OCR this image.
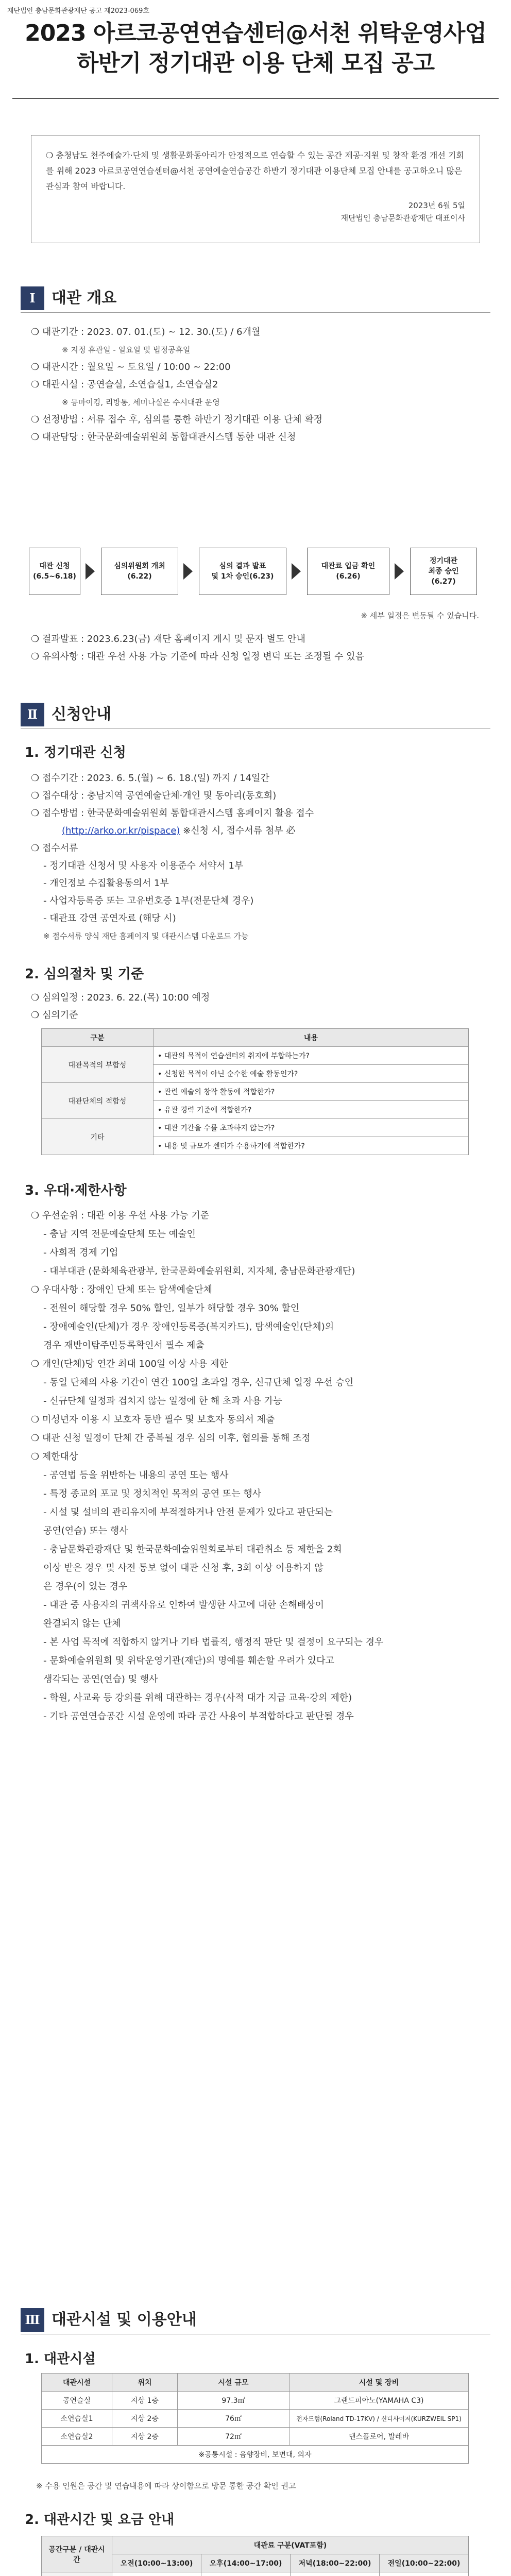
재단법인 충남문화관광재단 공고 제2023-069호
2023 아르코공연연습센터@서천 위탁운영사업
하반기 정기대관 이용 단체 모집 공고
❍ 충청남도 천주에술가·단체 및 생활문화동아리가 안정적으로 연습할 수 있는 공간 제공·지원 및 창작 환경 개선 기회를 위해 2023 아르코공연연습센터@서천 공연예술연습공간 하반기 정기대관 이용단체 모집 안내를 공고하오니 많은 관심과 참여 바랍니다.
2023년 6월 5일
재단법인 충남문화관광재단 대표이사
Ⅰ	대관 개요

❍ 대관기간 : 2023. 07. 01.(토) ~ 12. 30.(토) / 6개월

※ 지정 휴관일 - 일요일 및 법정공휴일

❍ 대관시간 : 월요일 ~ 토요일 / 10:00 ~ 22:00

❍ 대관시설 : 공연슬실, 소연습실1, 소연습실2

※ 등마이킹, 리방통, 세미나실은 수시대관 운영

❍ 선정방법 : 서류 접수 후, 심의를 통한 하반기 정기대관 이용 단체 확정

❍ 대관담당 : 한국문화예술위원회 통합대관시스템 통한 대관 신청

대관 신청
(6.5~6.18)
심의위원회 개최
(6.22)
심의 결과 발표
및 1차 승인(6.23)
대관료 입금 확인
(6.26)
정기대관
최종 승인
(6.27)

※ 세부 일정은 변동될 수 있습니다.

❍ 결과발표 : 2023.6.23(금) 재단 홈페이지 게시 및 문자 별도 안내

❍ 유의사항 : 대관 우선 사용 가능 기준에 따라 신청 일정 변덕 또는 조정될 수 있음

Ⅱ 신청안내
1. 정기대관 신청

❍ 접수기간 : 2023. 6. 5.(월) ~ 6. 18.(일) 까지 / 14일간

❍ 접수대상 : 충남지역 공연예술단체·개인 및 동아리(동호회)

❍ 접수방법 : 한국문화예술위원회 통합대관시스템 홈페이지 활용 접수

(http://arko.or.kr/pispace) ※신청 시, 접수서류 첨부 必

❍ 접수서류

- 정기대관 신청서 및 사용자 이용준수 서약서 1부

- 개인정보 수집활용동의서 1부

- 사업자등록증 또는 고유번호증 1부(전문단체 경우)

- 대관표 강연 공연자료 (해당 시)

※ 접수서류 양식 재단 홈페이지 및 대관시스템 다운로드 가능

2. 심의절차 및 기준

❍ 심의일정 : 2023. 6. 22.(목) 10:00 예정

❍ 심의기준

구분	내용
대관목적의 부합성	• 대관의 목적이 연습센터의 취지에 부합하는가?
	• 신청한 목적이 아닌 순수한 예술 활동인가?
대관단체의 적합성	• 관련 예술의 창작 활동에 적합한가?
	• 유관 경력 기준에 적합한가?
기타	• 대관 기간을 수를 초과하지 않는가?
	• 내용 및 규모가 센터가 수용하기에 적합한가?
3. 우대·제한사항

❍ 우선순위 : 대관 이용 우선 사용 가능 기준

- 충남 지역 전문예술단체 또는 예술인

- 사회적 경제 기업

- 대부대관 (문화체육관광부, 한국문화예술위원회, 지자체, 충남문화관광재단)

❍ 우대사항 : 장애인 단체 또는 탐색예술단체

- 전원이 해당할 경우 50% 할인, 일부가 해당할 경우 30% 할인

- 장애예술인(단체)가 경우 장애인등록증(복지카드), 탐색예술인(단체)의

경우 재반이탐주민등록확인서 필수 제출

❍ 개인(단체)당 연간 최대 100일 이상 사용 제한

- 동일 단체의 사용 기간이 연간 100일 초과일 경우, 신규단체 일정 우선 승인

- 신규단체 일정과 겹치지 않는 일정에 한 해 초과 사용 가능

❍ 미성년자 이용 시 보호자 동반 필수 및 보호자 동의서 제출

❍ 대관 신청 일정이 단체 간 중복될 경우 심의 이후, 협의를 통해 조정

❍ 제한대상

- 공연법 등을 위반하는 내용의 공연 또는 행사

- 특정 종교의 포교 및 정치적인 목적의 공연 또는 행사

- 시설 및 설비의 관리유지에 부적절하거나 안전 문제가 있다고 판단되는

공연(연습) 또는 행사

- 충남문화관광재단 및 한국문화예술위원회로부터 대관취소 등 제한을 2회

이상 받은 경우 및 사전 통보 없이 대관 신청 후, 3회 이상 이용하지 않

은 경우(이 있는 경우

- 대관 중 사용자의 귀책사유로 인하여 발생한 사고에 대한 손해배상이

완결되지 않는 단체

- 본 사업 목적에 적합하지 않거나 기타 법률적, 행정적 판단 및 결정이 요구되는 경우

- 문화예술위원회 및 위탁운영기관(재단)의 명예를 훼손할 우려가 있다고

생각되는 공연(연습) 및 행사

- 학원, 사교육 등 강의를 위해 대관하는 경우(사적 대가 지급 교육·강의 제한)

- 기타 공연연습공간 시설 운영에 따라 공간 사용이 부적합하다고 판단될 경우

Ⅲ 대관시설 및 이용안내
1. 대관시설
대관시설	위치	시설 규모	시설 및 장비
공연슬실	지상 1층	97.3㎡	그랜드피아노(YAMAHA C3)
소연습실1	지상 2층	76㎡	전자드럼(Roland TD-17KV) / 신디사이저(KURZWEIL SP1)
소연습실2	지상 2층	72㎡	댄스플로어, 발레바
※공통시설 : 음향장비, 보면대, 의자			

※ 수용 인원은 공간 및 연습내용에 따라 상이함으로 방문 통한 공간 확인 권고

2. 대관시간 및 요금 안내
공간구분 / 대관시간	대관료 구분(VAT포함)			
	오전(10:00~13:00)	오후(14:00~17:00)	저녁(18:00~22:00)	전일(10:00~22:00)
